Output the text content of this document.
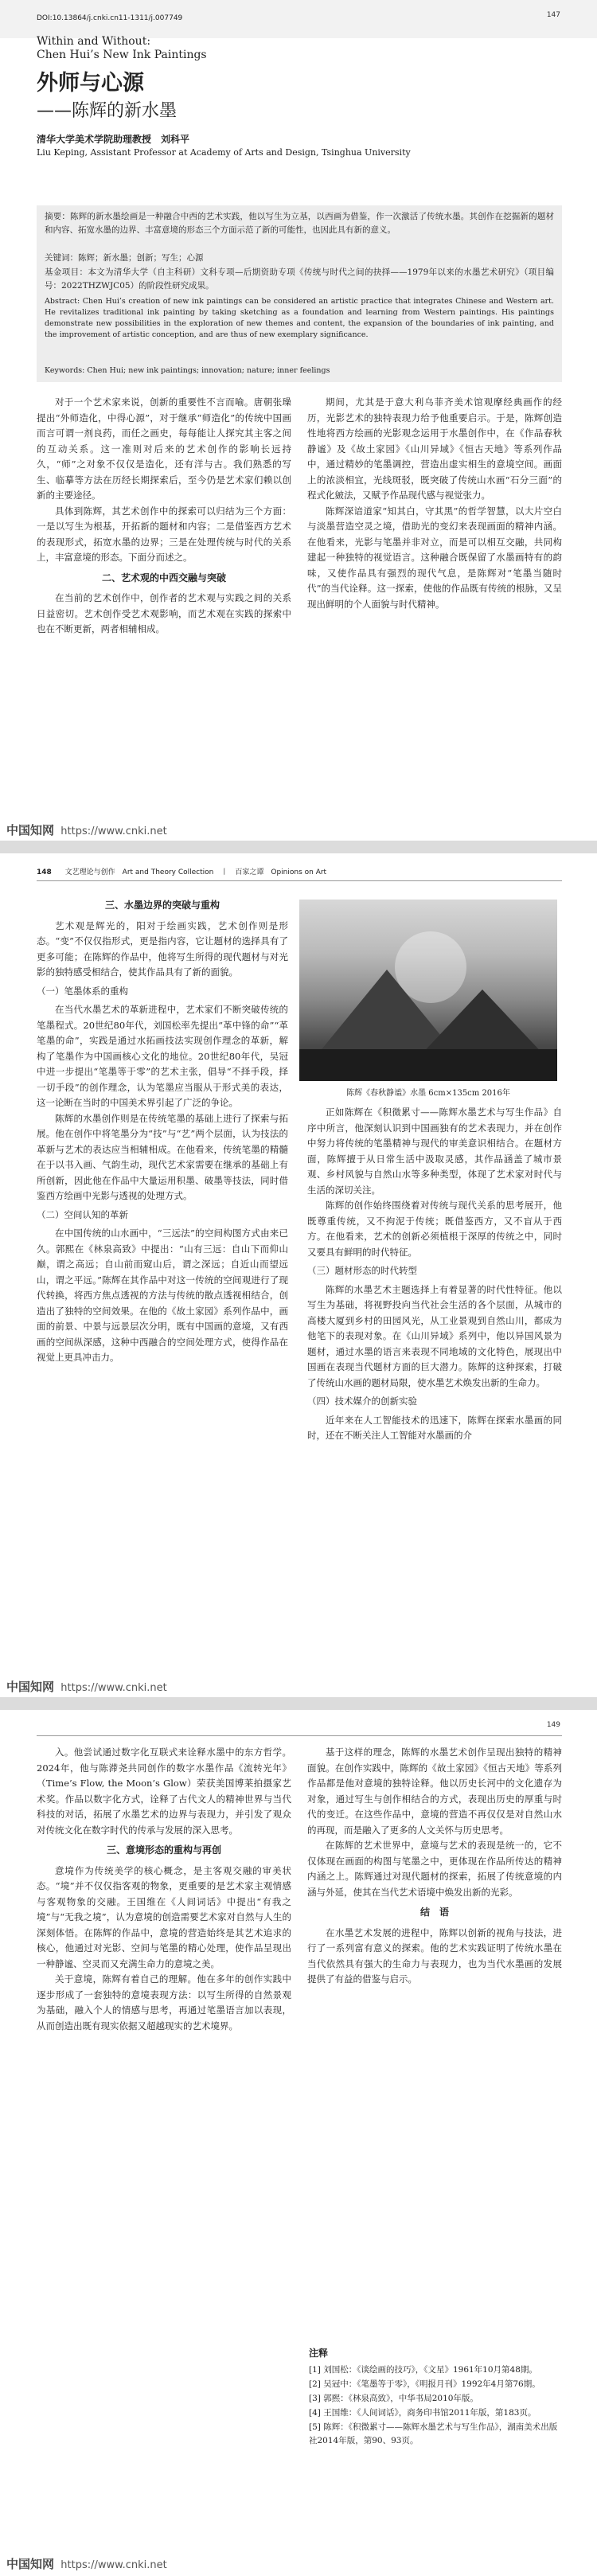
147
DOI:10.13864/j.cnki.cn11-1311/j.007749
Within and Without:
Chen Hui’s New Ink Paintings
外师与心源
——陈辉的新水墨
清华大学美术学院助理教授　刘科平
Liu Keping, Assistant Professor at Academy of Arts and Design, Tsinghua University
摘要：陈辉的新水墨绘画是一种融合中西的艺术实践，他以写生为立基，以西画为借鉴，作一次激活了传统水墨。其创作在挖掘新的题材和内容、拓宽水墨的边界、丰富意境的形态三个方面示范了新的可能性，也因此具有新的意义。
关键词：陈辉；新水墨；创新；写生；心源
基金项目：本文为清华大学（自主科研）文科专项—后期资助专项《传统与时代之间的抉择——1979年以来的水墨艺术研究》（项目编号：2022THZWJC05）的阶段性研究成果。
Abstract: Chen Hui’s creation of new ink paintings can be considered an artistic practice that integrates Chinese and Western art. He revitalizes traditional ink painting by taking sketching as a foundation and learning from Western paintings. His paintings demonstrate new possibilities in the exploration of new themes and content, the expansion of the boundaries of ink painting, and the improvement of artistic conception, and are thus of new exemplary significance.
Keywords: Chen Hui; new ink paintings; innovation; nature; inner feelings

对于一个艺术家来说，创新的重要性不言而喻。唐朝张璪提出“外师造化，中得心源”，对于继承“师造化”的传统中国画而言可谓一剂良药，而任之画史，每每能让人探究其主客之间的互动关系。这一准则对后来的艺术创作的影响长远持久，“师”之对象不仅仅是造化，还有洋与古。我们熟悉的写生、临摹等方法在历经长期探索后，至今仍是艺术家们赖以创新的主要途径。

具体到陈辉，其艺术创作中的探索可以归结为三个方面：一是以写生为根基，开拓新的题材和内容；二是借鉴西方艺术的表现形式，拓宽水墨的边界；三是在处理传统与时代的关系上，丰富意境的形态。下面分而述之。

二、艺术观的中西交融与突破

在当前的艺术创作中，创作者的艺术观与实践之间的关系日益密切。艺术创作受艺术观影响，而艺术观在实践的探索中也在不断更新，两者相辅相成。

期间，尤其是于意大利乌菲齐美术馆观摩经典画作的经历，光影艺术的独特表现力给予他重要启示。于是，陈辉创造性地将西方绘画的光影观念运用于水墨创作中，在《作品春秋静谧》及《故土家园》《山川异域》《恒古天地》等系列作品中，通过精妙的笔墨调控，营造出虚实相生的意境空间。画面上的浓淡相宜，光线斑驳，既突破了传统山水画“石分三面”的程式化皴法，又赋予作品现代感与视觉张力。

陈辉深谙道家“知其白，守其黑”的哲学智慧，以大片空白与淡墨营造空灵之境，借助光的变幻来表现画面的精神内涵。在他看来，光影与笔墨并非对立，而是可以相互交融，共同构建起一种独特的视觉语言。这种融合既保留了水墨画特有的韵味，又使作品具有强烈的现代气息，是陈辉对“笔墨当随时代”的当代诠释。这一探索，使他的作品既有传统的根脉，又呈现出鲜明的个人面貌与时代精神。

中国知网 https://www.cnki.net
148 文艺理论与创作　Art and Theory Collection　丨　百家之谭　Opinions on Art

三、水墨边界的突破与重构

艺术观是辉光的，阳对于绘画实践，艺术创作则是形态。“变”不仅仅指形式，更是指内容，它让题材的选择具有了更多可能；在陈辉的作品中，他将写生所得的现代题材与对光影的独特感受相结合，使其作品具有了新的面貌。

（一）笔墨体系的重构

在当代水墨艺术的革新进程中，艺术家们不断突破传统的笔墨程式。20世纪80年代，刘国松率先提出“革中锋的命”“革笔墨的命”，实践是通过水拓画技法实现创作理念的革新，解构了笔墨作为中国画核心文化的地位。20世纪80年代，吴冠中进一步提出“笔墨等于零”的艺术主张，倡导“不择手段，择一切手段”的创作理念，认为笔墨应当服从于形式美的表达，这一论断在当时的中国美术界引起了广泛的争论。

陈辉的水墨创作则是在传统笔墨的基础上进行了探索与拓展。他在创作中将笔墨分为“技”与“艺”两个层面，认为技法的革新与艺术的表达应当相辅相成。在他看来，传统笔墨的精髓在于以书入画、气韵生动，现代艺术家需要在继承的基础上有所创新，因此他在作品中大量运用积墨、破墨等技法，同时借鉴西方绘画中光影与透视的处理方式。

（二）空间认知的革新

在中国传统的山水画中，“三远法”的空间构图方式由来已久。郭熙在《林泉高致》中提出：“山有三远：自山下而仰山巅，谓之高远；自山前而窥山后，谓之深远；自近山而望远山，谓之平远。”陈辉在其作品中对这一传统的空间观进行了现代转换，将西方焦点透视的方法与传统的散点透视相结合，创造出了独特的空间效果。在他的《故土家园》系列作品中，画面的前景、中景与远景层次分明，既有中国画的意境，又有西画的空间纵深感，这种中西融合的空间处理方式，使得作品在视觉上更具冲击力。

陈辉《春秋静谧》水墨 6cm×135cm 2016年

正如陈辉在《积微累寸——陈辉水墨艺术与写生作品》自序中所言，他深刻认识到中国画独有的艺术表现力，并在创作中努力将传统的笔墨精神与现代的审美意识相结合。在题材方面，陈辉擅于从日常生活中汲取灵感，其作品涵盖了城市景观、乡村风貌与自然山水等多种类型，体现了艺术家对时代与生活的深切关注。

陈辉的创作始终围绕着对传统与现代关系的思考展开，他既尊重传统，又不拘泥于传统；既借鉴西方，又不盲从于西方。在他看来，艺术的创新必须植根于深厚的传统之中，同时又要具有鲜明的时代特征。

（三）题材形态的时代转型

陈辉的水墨艺术主题选择上有着显著的时代性特征。他以写生为基础，将视野投向当代社会生活的各个层面，从城市的高楼大厦到乡村的田园风光，从工业景观到自然山川，都成为他笔下的表现对象。在《山川异域》系列中，他以异国风景为题材，通过水墨的语言来表现不同地域的文化特色，展现出中国画在表现当代题材方面的巨大潜力。陈辉的这种探索，打破了传统山水画的题材局限，使水墨艺术焕发出新的生命力。

（四）技术媒介的创新实验

近年来在人工智能技术的迅速下，陈辉在探索水墨画的同时，还在不断关注人工智能对水墨画的介

中国知网 https://www.cnki.net
149

入。他尝试通过数字化互联式来诠释水墨中的东方哲学。2024年，他与陈滞尧共同创作的数字水墨作品《流转光年》（Time’s Flow, the Moon’s Glow）荣获美国博莱拍摄家艺术奖。作品以数字化方式，诠释了古代文人的精神世界与当代科技的对话，拓展了水墨艺术的边界与表现力，并引发了观众对传统文化在数字时代的传承与发展的深入思考。

三、意境形态的重构与再创

意境作为传统美学的核心概念，是主客观交融的审美状态。“境”并不仅仅指客观的物象，更重要的是艺术家主观情感与客观物象的交融。王国维在《人间词话》中提出“有我之境”与“无我之境”，认为意境的创造需要艺术家对自然与人生的深刻体悟。在陈辉的作品中，意境的营造始终是其艺术追求的核心，他通过对光影、空间与笔墨的精心处理，使作品呈现出一种静谧、空灵而又充满生命力的意境之美。

关于意境，陈辉有着自己的理解。他在多年的创作实践中逐步形成了一套独特的意境表现方法：以写生所得的自然景观为基础，融入个人的情感与思考，再通过笔墨语言加以表现，从而创造出既有现实依据又超越现实的艺术境界。

基于这样的理念，陈辉的水墨艺术创作呈现出独特的精神面貌。在创作实践中，陈辉的《故土家园》《恒古天地》等系列作品都是他对意境的独特诠释。他以历史长河中的文化遗存为对象，通过写生与创作相结合的方式，表现出历史的厚重与时代的变迁。在这些作品中，意境的营造不再仅仅是对自然山水的再现，而是融入了更多的人文关怀与历史思考。

在陈辉的艺术世界中，意境与艺术的表现是统一的，它不仅体现在画面的构图与笔墨之中，更体现在作品所传达的精神内涵之上。陈辉通过对现代题材的探索，拓展了传统意境的内涵与外延，使其在当代艺术语境中焕发出新的光彩。

结　语

在水墨艺术发展的进程中，陈辉以创新的视角与技法，进行了一系列富有意义的探索。他的艺术实践证明了传统水墨在当代依然具有强大的生命力与表现力，也为当代水墨画的发展提供了有益的借鉴与启示。

注释
[1] 刘国松：《谈绘画的技巧》，《文星》1961年10月第48期。
[2] 吴冠中：《笔墨等于零》，《明报月刊》1992年4月第76期。
[3] 郭熙：《林泉高致》，中华书局2010年版。
[4] 王国维：《人间词话》，商务印书馆2011年版，第183页。
[5] 陈辉：《积微累寸——陈辉水墨艺术与写生作品》，湖南美术出版社2014年版，第90、93页。
中国知网 https://www.cnki.net
